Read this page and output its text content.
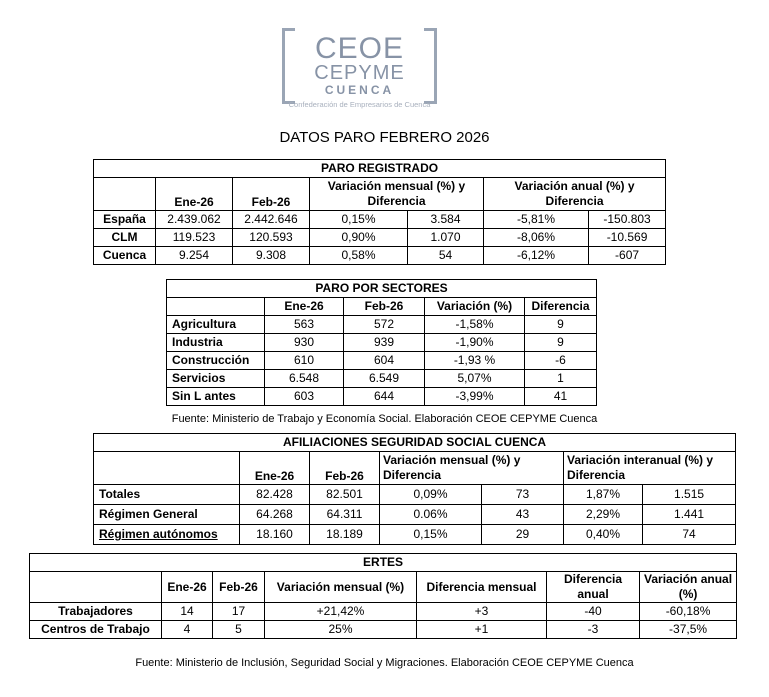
CEOE
CEPYME
CUENCA
Confederación de Empresarios de Cuenca
DATOS PARO FEBRERO 2026
PARO REGISTRADO						
	Ene-26	Feb-26	Variación mensual (%) y Diferencia		Variación anual (%) y Diferencia	
España	2.439.062	2.442.646	0,15%	3.584	-5,81%	-150.803
CLM	119.523	120.593	0,90%	1.070	-8,06%	-10.569
Cuenca	9.254	9.308	0,58%	54	-6,12%	-607
PARO POR SECTORES				
	Ene-26	Feb-26	Variación (%)	Diferencia
Agricultura	563	572	-1,58%	9
Industria	930	939	-1,90%	9
Construcción	610	604	-1,93 %	-6
Servicios	6.548	6.549	5,07%	1
Sin L antes	603	644	-3,99%	41
Fuente: Ministerio de Trabajo y Economía Social. Elaboración CEOE CEPYME Cuenca
AFILIACIONES SEGURIDAD SOCIAL CUENCA						
	Ene-26	Feb-26	Variación mensual (%) y Diferencia		Variación interanual (%) y Diferencia	
Totales	82.428	82.501	0,09%	73	1,87%	1.515
Régimen General	64.268	64.311	0.06%	43	2,29%	1.441
Régimen autónomos	18.160	18.189	0,15%	29	0,40%	74
ERTES						
	Ene-26	Feb-26	Variación mensual (%)	Diferencia mensual	Diferencia anual	Variación anual (%)
Trabajadores	14	17	+21,42%	+3	-40	-60,18%
Centros de Trabajo	4	5	25%	+1	-3	-37,5%
Fuente: Ministerio de Inclusión, Seguridad Social y Migraciones. Elaboración CEOE CEPYME Cuenca
